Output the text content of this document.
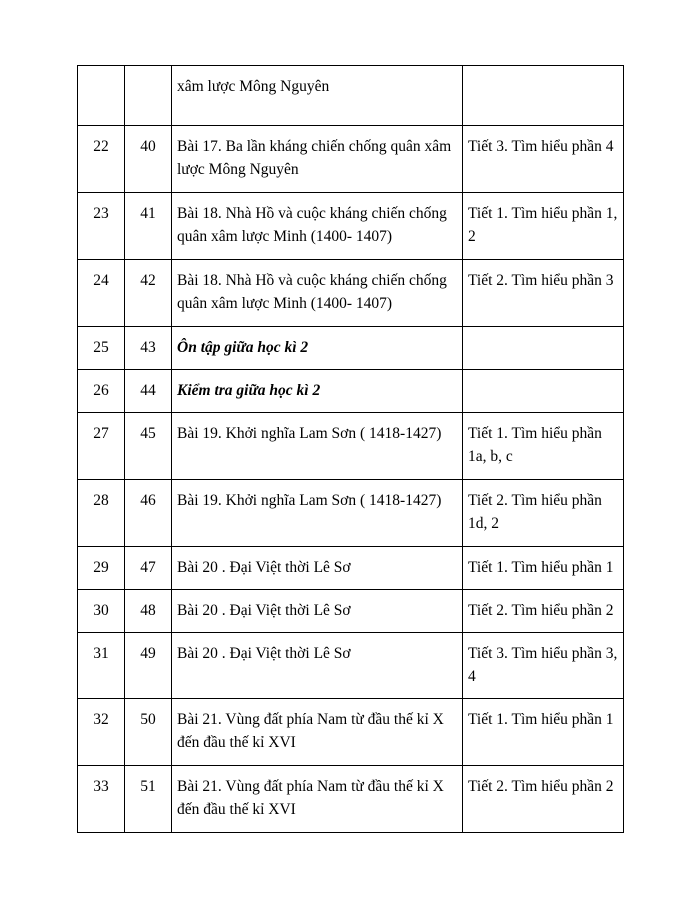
		xâm lược Mông Nguyên	
22	40	Bài 17. Ba lần kháng chiến chống quân xâm lược Mông Nguyên	Tiết 3. Tìm hiểu phần 4
23	41	Bài 18. Nhà Hồ và cuộc kháng chiến chống quân xâm lược Minh (1400- 1407)	Tiết 1. Tìm hiểu phần 1, 2
24	42	Bài 18. Nhà Hồ và cuộc kháng chiến chống quân xâm lược Minh (1400- 1407)	Tiết 2. Tìm hiểu phần 3
25	43	Ôn tập giữa học kì 2	
26	44	Kiểm tra giữa học kì 2	
27	45	Bài 19. Khởi nghĩa Lam Sơn ( 1418-1427)	Tiết 1. Tìm hiểu phần 1a, b, c
28	46	Bài 19. Khởi nghĩa Lam Sơn ( 1418-1427)	Tiết 2. Tìm hiểu phần 1d, 2
29	47	Bài 20 . Đại Việt thời Lê Sơ	Tiết 1. Tìm hiểu phần 1
30	48	Bài 20 . Đại Việt thời Lê Sơ	Tiết 2. Tìm hiểu phần 2
31	49	Bài 20 . Đại Việt thời Lê Sơ	Tiết 3. Tìm hiểu phần 3, 4
32	50	Bài 21. Vùng đất phía Nam từ đầu thế kỉ X đến đầu thế kỉ XVI	Tiết 1. Tìm hiểu phần 1
33	51	Bài 21. Vùng đất phía Nam từ đầu thế kỉ X đến đầu thế kỉ XVI	Tiết 2. Tìm hiểu phần 2
